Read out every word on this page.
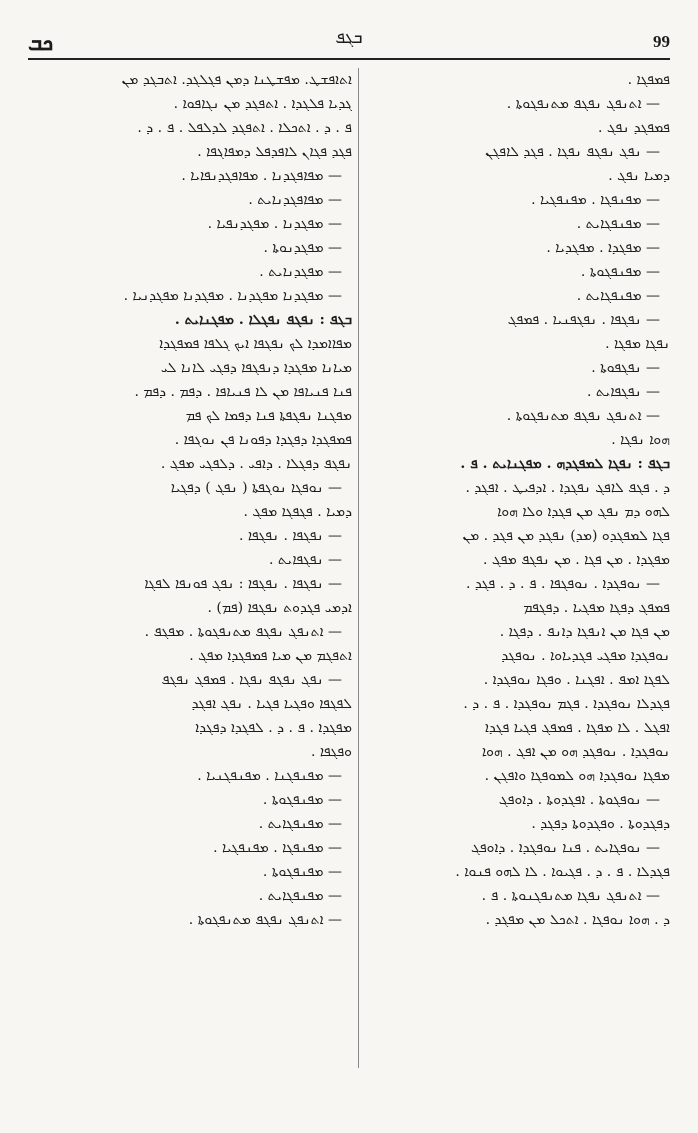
ܟܒ	ܒܓܦ	99
ܐܬܐܦܫܛ. ܡܦܫܛܢܐ ܕܡܢ ܦܓܠܓܕ. ܐܬܒܓܕ ܡܢ
ܓܕܝܐ ܦܠܓܕܐ . ܐܬܦܓܕ ܡܢ ܢܓܐܦܘܐ .
ܦ . ܕ . ܐܬܟܠܐ . ܐܬܦܓܕ ܠܕܠܦܠ . ܦ . ܕ .
ܦܓܕ ܦܓܐܢ ܠܐܦܕܦܠ ܕܡܦܐܓܦܐ .
— ܡܦܐܦܓܕܢܐ . ܡܦܐܦܓܕܢܦܐܝܐ .
— ܡܦܐܦܓܕܢܐܝܬ .
— ܡܦܓܕܢܐ . ܡܦܓܕܢܦܝܐ .
— ܡܦܓܕܢܘܬܐ .
— ܡܦܓܕܢܐܝܬ .
— ܡܦܓܕܢܐ ܡܦܓܕܢܐ . ܡܦܓܕܢܐ ܡܦܓܕܢܝܐ .
ܒܓܦ : ܢܦܓܦ ܢܦܓܠܐ . ܡܦܓܢܐܝܬ .
ܡܦܐܐܡܕܐ ܠܟ ܢܦܓܦܐ ܐܝܟ ܓܠܦܐ ܦܡܦܓܕܐ
ܡܝܐܢܐ ܡܦܓܕܐ ܕܢܦܓܦܐ ܕܦܓܝ ܠܐܢܐ ܠܝ
ܦܢܐ ܦܢܝܐܦܐ ܡܢ ܠܐ ܦܢܝܐܦܐ . ܕܦܡ . ܕܦܡ .
ܡܦܓܢܐ ܢܦܓܦܬܐ ܦܢܐ ܕܦܡܐ ܠܟ ܦܡ
ܦܡܦܓܕܐ ܕܦܓܕܐ ܕܦܘܢܐ ܦܢ ܢܘܓܦܐ .
ܢܦܓܦ ܕܦܓܠܐ . ܕܐܦܝ . ܕܠܦܓܝ ܡܦܓ .
— ܢܘܦܓܐ ܢܘܓܦܬܐ ( ܢܦܓ ) ܕܦܓܝܐ
ܕܡܝܐ . ܦܓܦܓܐ ܡܦܓ .
— ܢܦܓܦܐ . ܢܦܓܦܐ .
— ܢܦܓܦܐܝܬ .
— ܢܦܓܦܐ . ܢܦܓܦܐ : ܢܦܓ ܦܘܢܦܐ ܠܦܓܐ
ܐܕܡܝ ܦܓܕܘܬ ܢܦܓܦܐ (ܦܡ) .
— ܐܬܢܦܓ ܢܦܓܦ ܡܬܢܦܓܘܬܐ . ܡܦܓܦ .
ܐܬܦܓܡ ܡܢ ܡܝܐ ܦܡܦܓܕܐ ܡܦܓ .
— ܢܦܓ ܢܦܓܦ ܢܦܓܐ . ܦܡܦܓ ܢܦܓܦ
ܠܦܓܦܐ ܘܦܓܝܐ ܦܓܝܐ . ܢܦܓ ܐܦܓܕ
ܡܦܓܕܐ . ܦ . ܕ . ܠܦܓܕܐ ܕܦܓܕܐ
ܘܦܓܦܐ .
— ܡܦܢܦܓܢܐ . ܡܦܢܦܓܢܝܐ .
— ܡܦܢܦܓܘܬܐ .
— ܡܦܢܦܓܐܝܬ .
— ܡܦܢܦܓܐ . ܡܦܢܦܓܝܐ .
— ܡܦܢܦܓܘܬܐ .
— ܡܦܢܦܓܐܝܬ .
— ܐܬܢܦܓ ܢܦܓܦ ܡܬܢܦܓܘܬܐ .
ܦܡܦܓܐ .
— ܐܬܢܦܓ ܢܦܓܦ ܡܬܢܦܓܘܬܐ .
ܦܡܦܓܕ ܢܦܓ .
— ܢܦܓ ܢܦܓܦ ܢܦܓܐ . ܦܓܕ ܠܐܦܓܢ
ܕܡܝܐ ܢܦܓ .
— ܡܦܢܦܓܐ . ܡܦܢܦܓܝܐ .
— ܡܦܢܦܓܐܝܬ .
— ܡܦܓܕܐ . ܡܦܓܕܝܐ .
— ܡܦܢܦܓܘܬܐ .
— ܡܦܢܦܓܐܝܬ .
— ܢܦܓܦܐ . ܢܦܓܦܢܝܐ . ܦܡܦܓ
ܢܦܓܐ ܡܦܓܐ .
— ܢܦܓܦܘܬܐ .
— ܢܦܓܦܐܝܬ .
— ܐܬܢܦܓ ܢܦܓܦ ܡܬܢܦܓܘܬܐ .
ܗܘܐ ܢܦܓܐ .
ܒܓܦ : ܢܦܓܐ ܠܡܦܓܕܗ . ܡܦܓܢܐܝܬ . ܦ .
ܕ . ܦܓܦ ܠܐܦܓ ܢܦܓܕܐ . ܐܕܦܝܛ . ܐܦܓܕ .
ܠܗܘ ܕܡ ܢܦܓ ܡܢ ܦܓܕܐ ܘܠܐ ܗܘܐ
ܦܓܐ ܠܡܦܓܕܘ (ܡܕ) ܢܦܓܕ ܡܢ ܦܓܕ . ܡܢ
ܡܦܓܕܐ . ܡܢ ܦܓܐ . ܡܢ ܢܦܓܦ ܡܦܓ .
— ܢܘܦܓܕܐ . ܢܘܦܓܦܐ . ܦ . ܕ . ܦܓܕ .
ܦܡܦܓ ܕܦܓܐ ܡܦܓܝܐ . ܕܦܓܦܡ
ܡܢ ܦܓܐ ܡܢ ܐܢܦܓܐ ܕܐܢܦ . ܕܦܓܐ .
ܢܘܦܓܕܐ ܡܦܓܝ ܦܓܕܝܐܘܐ . ܢܘܦܓܕ
ܠܦܓܐ ܐܡܦ . ܐܦܓܢܐ . ܘܦܓܐ ܢܘܦܓܕܐ .
ܦܓܕܠܐ ܢܘܦܓܕܐ . ܦܓܡ ܢܘܦܓܕܐ . ܦ . ܕ .
ܐܦܓܠ . ܠܐ ܡܦܓܐ . ܦܡܦܓ ܦܓܝܐ ܦܓܕܐ
ܢܘܦܓܕܐ . ܢܘܦܓܕ ܗܘ ܡܢ ܐܦܓ . ܗܘܐ
ܡܦܓܐ ܢܘܦܓܕܐ ܗܘ ܠܡܘܦܓܐ ܘܐܦܓܢ .
— ܢܘܦܓܘܬܐ . ܐܦܓܕܘܬܐ . ܕܐܘܦܓ
ܕܦܓܕܘܬܐ . ܘܦܓܕܘܬܐ ܕܦܓܕ .
— ܢܘܦܓܐܝܬ . ܦܢܐ ܢܘܦܓܕܐ . ܕܐܘܦܓ
ܦܓܕܠܐ . ܦ . ܕ . ܦܓܝܘܐ . ܠܐ ܠܗܘ ܦܢܘܐ .
— ܐܬܢܦܓ ܢܦܓܐ ܡܬܢܦܓܢܘܬܐ . ܦ .
ܕ . ܗܘܐ ܢܘܦܓܐ . ܐܬܟܠ ܡܢ ܡܦܓܕ .
